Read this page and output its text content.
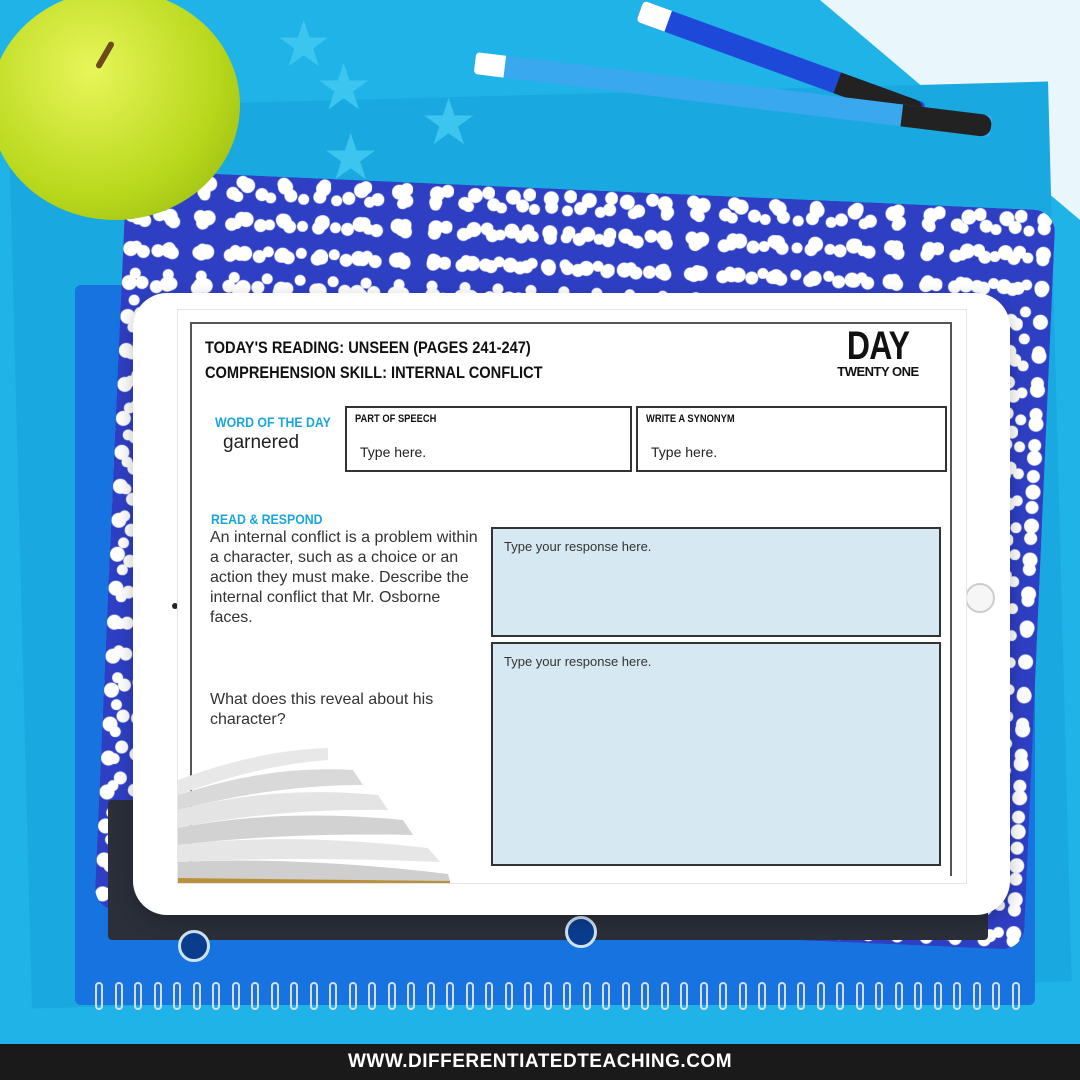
★
★ ★
★
DAY
TWENTY ONE
TODAY'S READING: UNSEEN (PAGES 241-247)
COMPREHENSION SKILL: INTERNAL CONFLICT
WORD OF THE DAY
garnered
PART OF SPEECH
Type here.
WRITE A SYNONYM
Type here.
READ & RESPOND
An internal conflict is a problem within a character, such as a choice or an action they must make. Describe the internal conflict that Mr. Osborne faces.
What does this reveal about his character?
Type your response here.
Type your response here.
WWW.DIFFERENTIATEDTEACHING.COM
